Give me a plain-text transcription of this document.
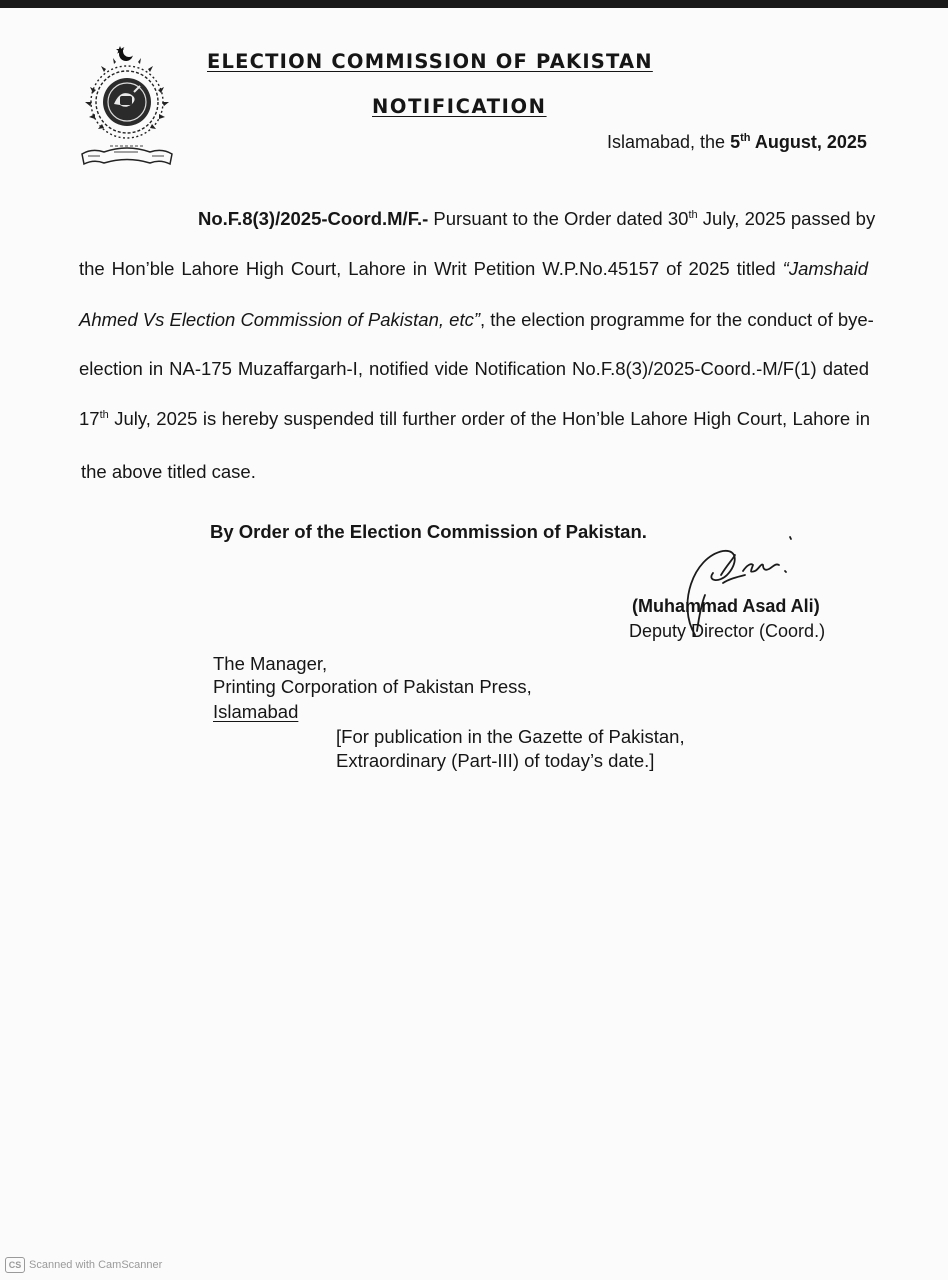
ELECTION COMMISSION OF PAKISTAN
NOTIFICATION
Islamabad, the 5th August, 2025
No.F.8(3)/2025-Coord.M/F.- Pursuant to the Order dated 30th July, 2025 passed by
the Hon’ble Lahore High Court, Lahore in Writ Petition W.P.No.45157 of 2025 titled “Jamshaid
Ahmed Vs Election Commission of Pakistan, etc”, the election programme for the conduct of bye-
election in NA-175 Muzaffargarh-I, notified vide Notification No.F.8(3)/2025-Coord.-M/F(1) dated
17th July, 2025 is hereby suspended till further order of the Hon’ble Lahore High Court, Lahore in
the above titled case.
By Order of the Election Commission of Pakistan.
(Muhammad Asad Ali)
Deputy Director (Coord.)
The Manager,
Printing Corporation of Pakistan Press,
Islamabad
[For publication in the Gazette of Pakistan,
Extraordinary (Part-III) of today’s date.]
CS Scanned with CamScanner
